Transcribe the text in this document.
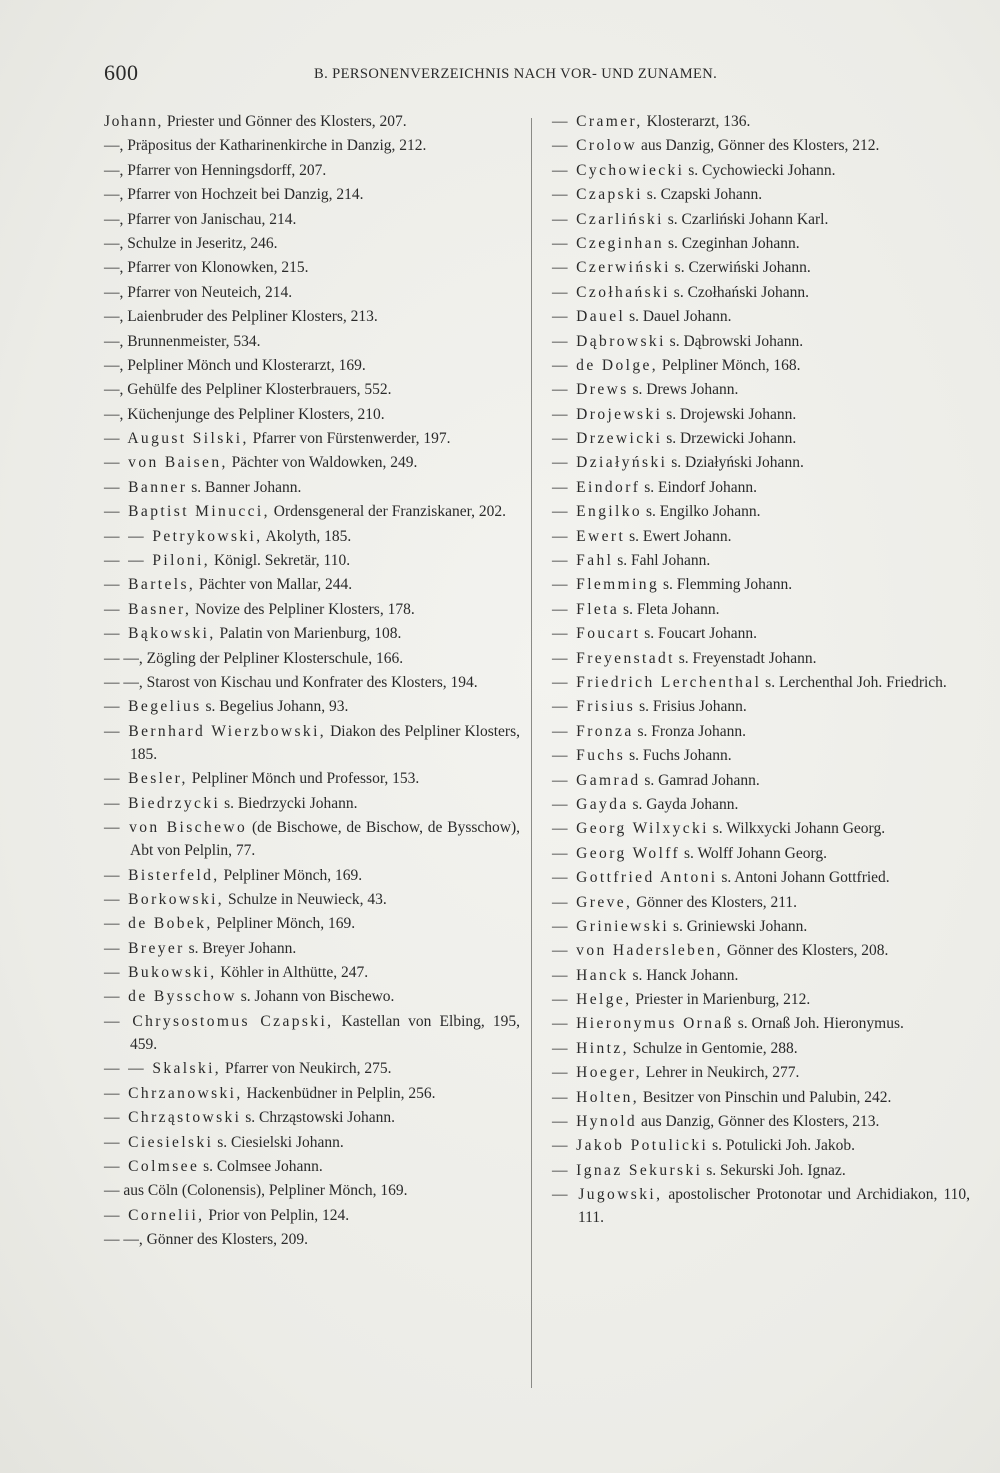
600	B. PERSONENVERZEICHNIS NACH VOR- UND ZUNAMEN.

Johann, Priester und Gönner des Klosters, 207.

—, Präpositus der Katharinenkirche in Danzig, 212.

—, Pfarrer von Henningsdorff, 207.

—, Pfarrer von Hochzeit bei Danzig, 214.

—, Pfarrer von Janischau, 214.

—, Schulze in Jeseritz, 246.

—, Pfarrer von Klonowken, 215.

—, Pfarrer von Neuteich, 214.

—, Laienbruder des Pelpliner Klosters, 213.

—, Brunnenmeister, 534.

—, Pelpliner Mönch und Klosterarzt, 169.

—, Gehülfe des Pelpliner Klosterbrauers, 552.

—, Küchenjunge des Pelpliner Klosters, 210.

— August Silski, Pfarrer von Fürstenwerder, 197.

— von Baisen, Pächter von Waldowken, 249.

— Banner s. Banner Johann.

— Baptist Minucci, Ordensgeneral der Franziskaner, 202.

— — Petrykowski, Akolyth, 185.

— — Piloni, Königl. Sekretär, 110.

— Bartels, Pächter von Mallar, 244.

— Basner, Novize des Pelpliner Klosters, 178.

— Bąkowski, Palatin von Marienburg, 108.

— —, Zögling der Pelpliner Klosterschule, 166.

— —, Starost von Kischau und Konfrater des Klosters, 194.

— Begelius s. Begelius Johann, 93.

— Bernhard Wierzbowski, Diakon des Pelpliner Klosters, 185.

— Besler, Pelpliner Mönch und Professor, 153.

— Biedrzycki s. Biedrzycki Johann.

— von Bischewo (de Bischowe, de Bischow, de Bysschow), Abt von Pelplin, 77.

— Bisterfeld, Pelpliner Mönch, 169.

— Borkowski, Schulze in Neuwieck, 43.

— de Bobek, Pelpliner Mönch, 169.

— Breyer s. Breyer Johann.

— Bukowski, Köhler in Althütte, 247.

— de Bysschow s. Johann von Bischewo.

— Chrysostomus Czapski, Kastellan von Elbing, 195, 459.

— — Skalski, Pfarrer von Neukirch, 275.

— Chrzanowski, Hackenbüdner in Pelplin, 256.

— Chrząstowski s. Chrząstowski Johann.

— Ciesielski s. Ciesielski Johann.

— Colmsee s. Colmsee Johann.

— aus Cöln (Colonensis), Pelpliner Mönch, 169.

— Cornelii, Prior von Pelplin, 124.

— —, Gönner des Klosters, 209.

— Cramer, Klosterarzt, 136.

— Crolow aus Danzig, Gönner des Klosters, 212.

— Cychowiecki s. Cychowiecki Johann.

— Czapski s. Czapski Johann.

— Czarliński s. Czarliński Johann Karl.

— Czeginhan s. Czeginhan Johann.

— Czerwiński s. Czerwiński Johann.

— Czołhański s. Czołhański Johann.

— Dauel s. Dauel Johann.

— Dąbrowski s. Dąbrowski Johann.

— de Dolge, Pelpliner Mönch, 168.

— Drews s. Drews Johann.

— Drojewski s. Drojewski Johann.

— Drzewicki s. Drzewicki Johann.

— Działyński s. Działyński Johann.

— Eindorf s. Eindorf Johann.

— Engilko s. Engilko Johann.

— Ewert s. Ewert Johann.

— Fahl s. Fahl Johann.

— Flemming s. Flemming Johann.

— Fleta s. Fleta Johann.

— Foucart s. Foucart Johann.

— Freyenstadt s. Freyenstadt Johann.

— Friedrich Lerchenthal s. Lerchenthal Joh. Friedrich.

— Frisius s. Frisius Johann.

— Fronza s. Fronza Johann.

— Fuchs s. Fuchs Johann.

— Gamrad s. Gamrad Johann.

— Gayda s. Gayda Johann.

— Georg Wilxycki s. Wilkxycki Johann Georg.

— Georg Wolff s. Wolff Johann Georg.

— Gottfried Antoni s. Antoni Johann Gottfried.

— Greve, Gönner des Klosters, 211.

— Griniewski s. Griniewski Johann.

— von Hadersleben, Gönner des Klosters, 208.

— Hanck s. Hanck Johann.

— Helge, Priester in Marienburg, 212.

— Hieronymus Ornaß s. Ornaß Joh. Hieronymus.

— Hintz, Schulze in Gentomie, 288.

— Hoeger, Lehrer in Neukirch, 277.

— Holten, Besitzer von Pinschin und Palubin, 242.

— Hynold aus Danzig, Gönner des Klosters, 213.

— Jakob Potulicki s. Potulicki Joh. Jakob.

— Ignaz Sekurski s. Sekurski Joh. Ignaz.

— Jugowski, apostolischer Protonotar und Archidiakon, 110, 111.
